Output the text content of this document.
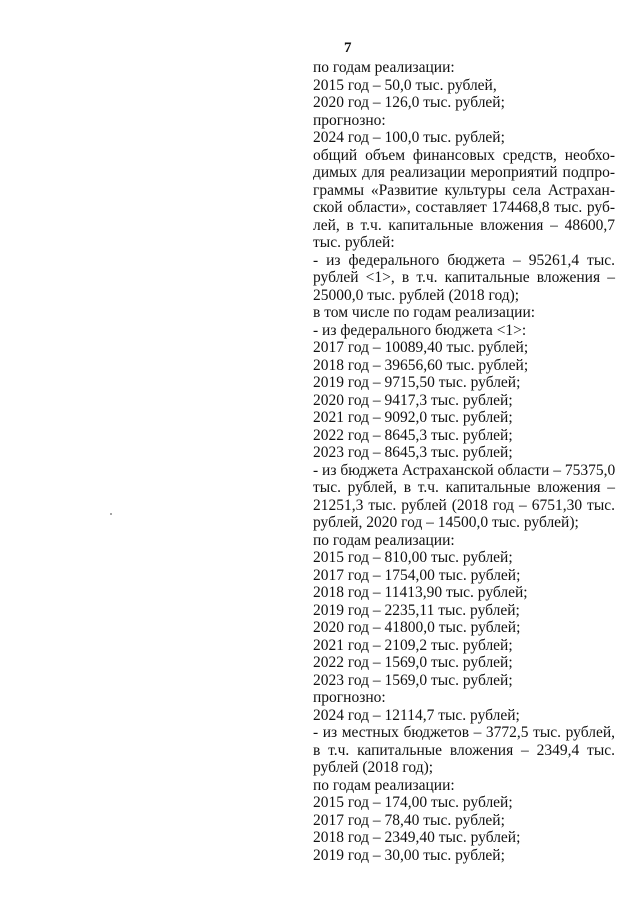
7
по годам реализации:
2015 год – 50,0 тыс. рублей,
2020 год – 126,0 тыс. рублей;
прогнозно:
2024 год – 100,0 тыс. рублей;
общий объем финансовых средств, необхо-
димых для реализации мероприятий подпро-
граммы «Развитие культуры села Астрахан-
ской области», составляет 174468,8 тыс. руб-
лей, в т.ч. капитальные вложения – 48600,7
тыс. рублей:
- из федерального бюджета – 95261,4 тыс.
рублей <1>, в т.ч. капитальные вложения –
25000,0 тыс. рублей (2018 год);
в том числе по годам реализации:
- из федерального бюджета <1>:
2017 год – 10089,40 тыс. рублей;
2018 год – 39656,60 тыс. рублей;
2019 год – 9715,50 тыс. рублей;
2020 год – 9417,3 тыс. рублей;
2021 год – 9092,0 тыс. рублей;
2022 год – 8645,3 тыс. рублей;
2023 год – 8645,3 тыс. рублей;
- из бюджета Астраханской области – 75375,0
тыс. рублей, в т.ч. капитальные вложения –
21251,3 тыс. рублей (2018 год – 6751,30 тыс.
рублей, 2020 год – 14500,0 тыс. рублей);
по годам реализации:
2015 год – 810,00 тыс. рублей;
2017 год – 1754,00 тыс. рублей;
2018 год – 11413,90 тыс. рублей;
2019 год – 2235,11 тыс. рублей;
2020 год – 41800,0 тыс. рублей;
2021 год – 2109,2 тыс. рублей;
2022 год – 1569,0 тыс. рублей;
2023 год – 1569,0 тыс. рублей;
прогнозно:
2024 год – 12114,7 тыс. рублей;
- из местных бюджетов – 3772,5 тыс. рублей,
в т.ч. капитальные вложения – 2349,4 тыс.
рублей (2018 год);
по годам реализации:
2015 год – 174,00 тыс. рублей;
2017 год – 78,40 тыс. рублей;
2018 год – 2349,40 тыс. рублей;
2019 год – 30,00 тыс. рублей;
